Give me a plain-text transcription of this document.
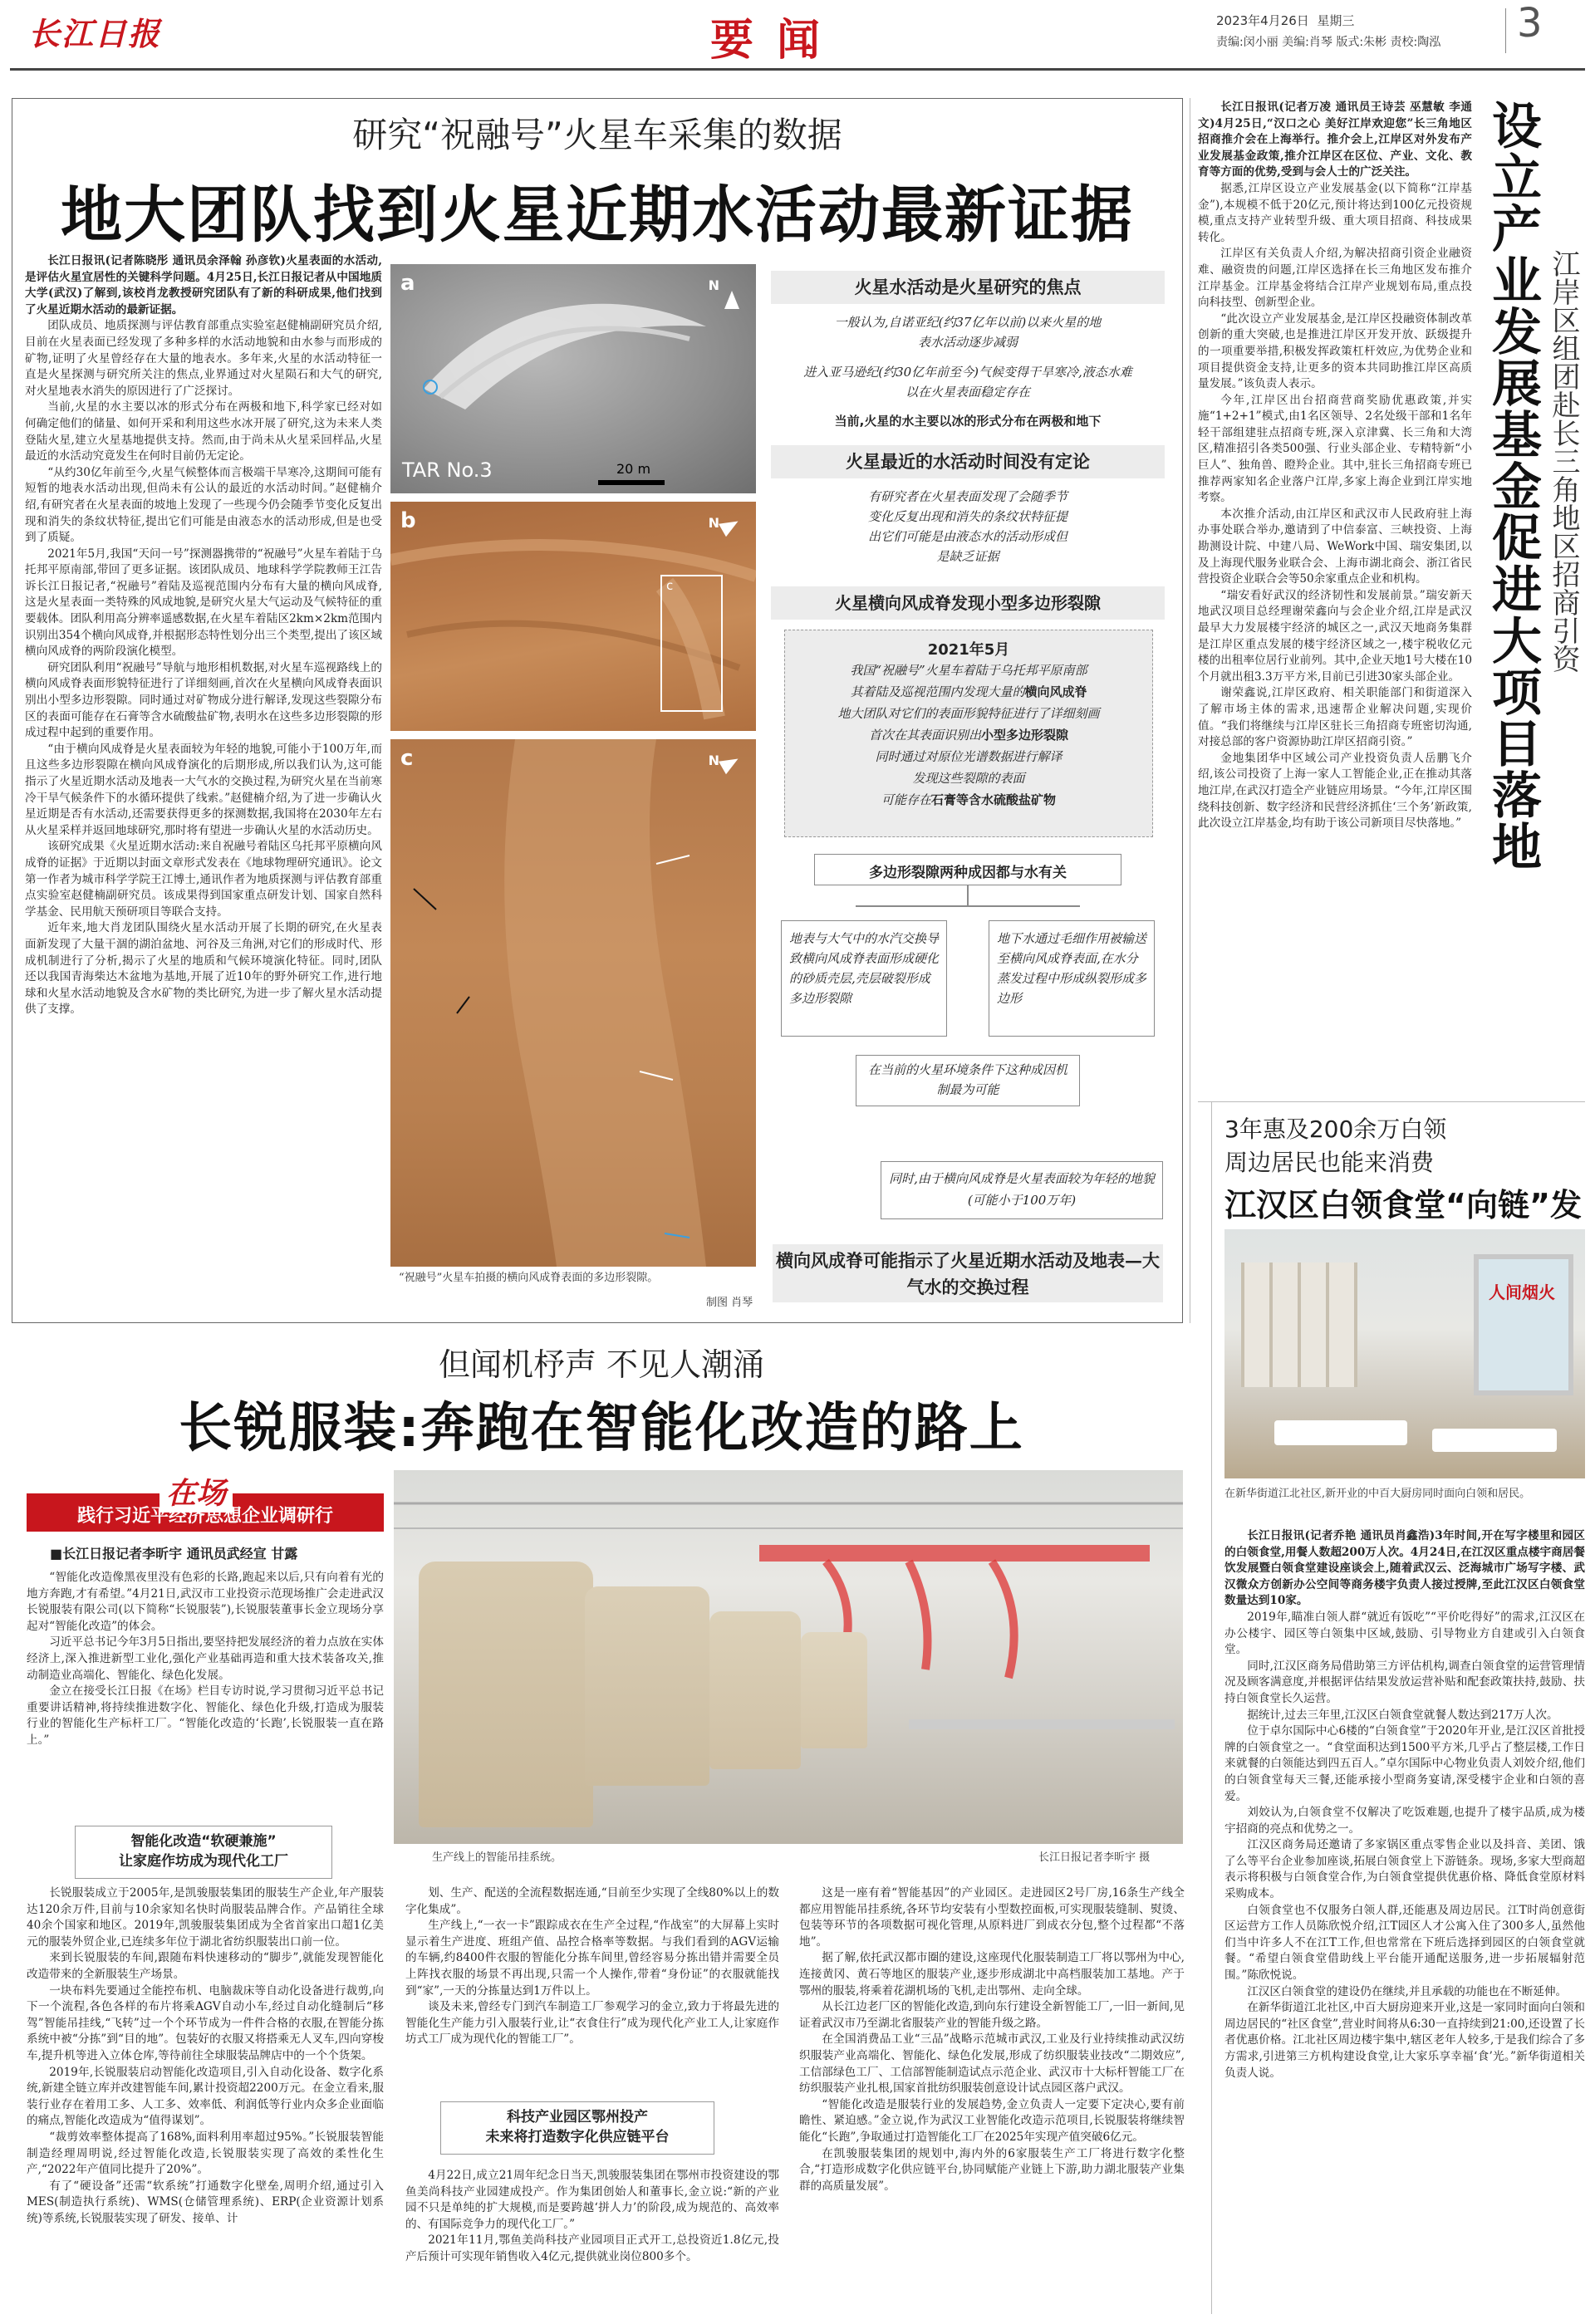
长江日报	要闻	2023年4月26日 星期三
责编:闵小丽 美编:肖琴 版式:朱彬 责校:陶泓 3
研究“祝融号”火星车采集的数据
地大团队找到火星近期水活动最新证据

长江日报讯(记者陈晓彤 通讯员余泽翰 孙彦钦)火星表面的水活动,是评估火星宜居性的关键科学问题。4月25日,长江日报记者从中国地质大学(武汉)了解到,该校肖龙教授研究团队有了新的科研成果,他们找到了火星近期水活动的最新证据。

团队成员、地质探测与评估教育部重点实验室赵健楠副研究员介绍,目前在火星表面已经发现了多种多样的水活动地貌和由水参与而形成的矿物,证明了火星曾经存在大量的地表水。多年来,火星的水活动特征一直是火星探测与研究所关注的焦点,业界通过对火星陨石和大气的研究,对火星地表水消失的原因进行了广泛探讨。

当前,火星的水主要以冰的形式分布在两极和地下,科学家已经对如何确定他们的储量、如何开采和利用这些水冰开展了研究,这为未来人类登陆火星,建立火星基地提供支持。然而,由于尚未从火星采回样品,火星最近的水活动究竟发生在何时目前仍无定论。

“从约30亿年前至今,火星气候整体而言极端干旱寒冷,这期间可能有短暂的地表水活动出现,但尚未有公认的最近的水活动时间。”赵健楠介绍,有研究者在火星表面的坡地上发现了一些现今仍会随季节变化反复出现和消失的条纹状特征,提出它们可能是由液态水的活动形成,但是也受到了质疑。

2021年5月,我国“天问一号”探测器携带的“祝融号”火星车着陆于乌托邦平原南部,带回了更多证据。该团队成员、地球科学学院教师王江告诉长江日报记者,“祝融号”着陆及巡视范围内分布有大量的横向风成脊,这是火星表面一类特殊的风成地貌,是研究火星大气运动及气候特征的重要载体。团队利用高分辨率遥感数据,在火星车着陆区2km×2km范围内识别出354个横向风成脊,并根据形态特性划分出三个类型,提出了该区域横向风成脊的两阶段演化模型。

研究团队利用“祝融号”导航与地形相机数据,对火星车巡视路线上的横向风成脊表面形貌特征进行了详细刻画,首次在火星横向风成脊表面识别出小型多边形裂隙。同时通过对矿物成分进行解译,发现这些裂隙分布区的表面可能存在石膏等含水硫酸盐矿物,表明水在这些多边形裂隙的形成过程中起到的重要作用。

“由于横向风成脊是火星表面较为年轻的地貌,可能小于100万年,而且这些多边形裂隙在横向风成脊演化的后期形成,所以我们认为,这可能指示了火星近期水活动及地表一大气水的交换过程,为研究火星在当前寒冷干旱气候条件下的水循环提供了线索。”赵健楠介绍,为了进一步确认火星近期是否有水活动,还需要获得更多的探测数据,我国将在2030年左右从火星采样并返回地球研究,那时将有望进一步确认火星的水活动历史。

该研究成果《火星近期水活动:来自祝融号着陆区乌托邦平原横向风成脊的证据》于近期以封面文章形式发表在《地球物理研究通讯》。论文第一作者为城市科学学院王江博士,通讯作者为地质探测与评估教育部重点实验室赵健楠副研究员。该成果得到国家重点研发计划、国家自然科学基金、民用航天预研项目等联合支持。

近年来,地大肖龙团队围绕火星水活动开展了长期的研究,在火星表面新发现了大量干涸的湖泊盆地、河谷及三角洲,对它们的形成时代、形成机制进行了分析,揭示了火星的地质和气候环境演化特征。同时,团队还以我国青海柴达木盆地为基地,开展了近10年的野外研究工作,进行地球和火星水活动地貌及含水矿物的类比研究,为进一步了解火星水活动提供了支撑。

a	N
TAR No.3	20 m
b	N
c
c	N
“祝融号”火星车拍摄的横向风成脊表面的多边形裂隙。
制图 肖琴
火星水活动是火星研究的焦点
一般认为,自诺亚纪(约37亿年以前)以来火星的地表水活动逐步减弱
进入亚马逊纪(约30亿年前至今)气候变得干旱寒冷,液态水难以在火星表面稳定存在
当前,火星的水主要以冰的形式分布在两极和地下
火星最近的水活动时间没有定论
有研究者在火星表面发现了会随季节变化反复出现和消失的条纹状特征提出它们可能是由液态水的活动形成但是缺乏证据
火星横向风成脊发现小型多边形裂隙
2021年5月
我国“祝融号”火星车着陆于乌托邦平原南部
其着陆及巡视范围内发现大量的横向风成脊
地大团队对它们的表面形貌特征进行了详细刻画
首次在其表面识别出小型多边形裂隙
同时通过对原位光谱数据进行解译
发现这些裂隙的表面
可能存在石膏等含水硫酸盐矿物
多边形裂隙两种成因都与水有关
地表与大气中的水汽交换导致横向风成脊表面形成硬化的砂质壳层,壳层破裂形成多边形裂隙
地下水通过毛细作用被输送至横向风成脊表面,在水分蒸发过程中形成纵裂形成多边形
在当前的火星环境条件下这种成因机制最为可能
同时,由于横向风成脊是火星表面较为年轻的地貌(可能小于100万年)
横向风成脊可能指示了火星近期水活动及地表—大气水的交换过程

长江日报讯(记者万凌 通讯员王诗芸 巫慧敏 李通文)4月25日,“汉口之心 美好江岸欢迎您”长三角地区招商推介会在上海举行。推介会上,江岸区对外发布产业发展基金政策,推介江岸区在区位、产业、文化、教育等方面的优势,受到与会人士的广泛关注。

据悉,江岸区设立产业发展基金(以下简称“江岸基金”),本规模不低于20亿元,预计将达到100亿元投资规模,重点支持产业转型升级、重大项目招商、科技成果转化。

江岸区有关负责人介绍,为解决招商引资企业融资难、融资贵的问题,江岸区选择在长三角地区发布推介江岸基金。江岸基金将结合江岸产业规划布局,重点投向科技型、创新型企业。

“此次设立产业发展基金,是江岸区投融资体制改革创新的重大突破,也是推进江岸区开发开放、跃级提升的一项重要举措,积极发挥政策杠杆效应,为优势企业和项目提供资金支持,让更多的资本共同助推江岸区高质量发展。”该负责人表示。

今年,江岸区出台招商营商奖励优惠政策,并实施“1+2+1”模式,由1名区领导、2名处级干部和1名年轻干部组建驻点招商专班,深入京津冀、长三角和大湾区,精准招引各类500强、行业头部企业、专精特新“小巨人”、独角兽、瞪羚企业。其中,驻长三角招商专班已推荐两家知名企业落户江岸,多家上海企业到江岸实地考察。

本次推介活动,由江岸区和武汉市人民政府驻上海办事处联合举办,邀请到了中信泰富、三峡投资、上海勘测设计院、中建八局、WeWork中国、瑞安集团,以及上海现代服务业联合会、上海市湖北商会、浙江省民营投资企业联合会等50余家重点企业和机构。

“瑞安看好武汉的经济韧性和发展前景。”瑞安新天地武汉项目总经理谢荣鑫向与会企业介绍,江岸是武汉最早大力发展楼宇经济的城区之一,武汉天地商务集群是江岸区重点发展的楼宇经济区域之一,楼宇税收亿元楼的出租率位居行业前列。其中,企业天地1号大楼在10个月就出租3.3万平方米,目前已引进30家头部企业。

谢荣鑫说,江岸区政府、相关职能部门和街道深入了解市场主体的需求,迅速帮企业解决问题,实现价值。“我们将继续与江岸区驻长三角招商专班密切沟通,对接总部的客户资源协助江岸区招商引资。”

金地集团华中区域公司产业投资负责人岳鹏飞介绍,该公司投资了上海一家人工智能企业,正在推动其落地江岸,在武汉打造全产业链应用场景。“今年,江岸区围绕科技创新、数字经济和民营经济抓住‘三个务’新政策,此次设立江岸基金,均有助于该公司新项目尽快落地。” 设立产业发展基金促进大项目落地 江岸区组团赴长三角地区招商引资
3年惠及200余万白领
周边居民也能来消费
江汉区白领食堂“向链”发
人间烟火
在新华街道江北社区,新开业的中百大厨房同时面向白领和居民。

长江日报讯(记者乔艳 通讯员肖鑫浩)3年时间,开在写字楼里和园区的白领食堂,用餐人数超200万人次。4月24日,在江汉区重点楼宇商居餐饮发展暨白领食堂建设座谈会上,随着武汉云、泛海城市广场写字楼、武汉微众方创新办公空间等商务楼宇负责人接过授牌,至此江汉区白领食堂数量达到10家。

2019年,瞄准白领人群“就近有饭吃”“平价吃得好”的需求,江汉区在办公楼宇、园区等白领集中区域,鼓励、引导物业方自建或引入白领食堂。

同时,江汉区商务局借助第三方评估机构,调查白领食堂的运营管理情况及顾客满意度,并根据评估结果发放运营补贴和配套政策扶持,鼓励、扶持白领食堂长久运营。

据统计,过去三年里,江汉区白领食堂就餐人数达到217万人次。

位于卓尔国际中心6楼的“白领食堂”于2020年开业,是江汉区首批授牌的白领食堂之一。“食堂面积达到1500平方米,几乎占了整层楼,工作日来就餐的白领能达到四五百人。”卓尔国际中心物业负责人刘姣介绍,他们的白领食堂每天三餐,还能承接小型商务宴请,深受楼宇企业和白领的喜爱。

刘姣认为,白领食堂不仅解决了吃饭难题,也提升了楼宇品质,成为楼宇招商的亮点和优势之一。

江汉区商务局还邀请了多家锅区重点零售企业以及抖音、美团、饿了么等平台企业参加座谈,拓展白领食堂上下游链条。现场,多家大型商超表示将积极与白领食堂合作,为白领食堂提供优惠价格、降低食堂原材料采购成本。

白领食堂也不仅服务白领人群,还能惠及周边居民。江T时尚创意街区运营方工作人员陈欣悦介绍,江T园区人才公寓入住了300多人,虽然他们当中许多人不在江T工作,但也常常在下班后选择到园区的白领食堂就餐。“希望白领食堂借助线上平台能开通配送服务,进一步拓展辐射范围。”陈欣悦说。

江汉区白领食堂的建设仍在继续,并且承载的功能也在不断延伸。

在新华街道江北社区,中百大厨房迎来开业,这是一家同时面向白领和周边居民的“社区食堂”,营业时间将从6:30一直持续到21:00,还设置了长者优惠价格。江北社区周边楼宇集中,辖区老年人较多,于是我们综合了多方需求,引进第三方机构建设食堂,让大家乐享幸福‘食’光。”新华街道相关负责人说。

但闻机杼声 不见人潮涌
长锐服装:奔跑在智能化改造的路上
在场
践行习近平经济思想企业调研行
■长江日报记者李昕宇 通讯员武经宣 甘露

“智能化改造像黑夜里没有色彩的长路,跑起来以后,只有向着有光的地方奔跑,才有希望。”4月21日,武汉市工业投资示范现场推广会走进武汉长锐服装有限公司(以下简称“长锐服装”),长锐服装董事长金立现场分享起对“智能化改造”的体会。

习近平总书记今年3月5日指出,要坚持把发展经济的着力点放在实体经济上,深入推进新型工业化,强化产业基础再造和重大技术装备攻关,推动制造业高端化、智能化、绿色化发展。

金立在接受长江日报《在场》栏目专访时说,学习贯彻习近平总书记重要讲话精神,将持续推进数字化、智能化、绿色化升级,打造成为服装行业的智能化生产标杆工厂。“智能化改造的‘长跑’,长锐服装一直在路上。”

智能化改造“软硬兼施”
让家庭作坊成为现代化工厂	生产线上的智能吊挂系统。	长江日报记者李昕宇 摄

长锐服装成立于2005年,是凯骏服装集团的服装生产企业,年产服装达120余万件,目前与10余家知名快时尚服装品牌合作。产品销往全球40余个国家和地区。2019年,凯骏服装集团成为全省首家出口超1亿美元的服装外贸企业,已连续多年位于湖北省纺织服装出口前一位。

来到长锐服装的车间,跟随布料快速移动的“脚步”,就能发现智能化改造带来的全新服装生产场景。

一块布料先要通过全能控布机、电脑裁床等自动化设备进行裁剪,向下一个流程,各色各样的布片将乘AGV自动小车,经过自动化缝制后“移驾”智能吊挂线,“飞转”过一个个环节成为一件件合格的衣服,在智能分拣系统中被“分拣”到“目的地”。包装好的衣服又将搭乘无人叉车,四向穿梭车,提升机等进入立体仓库,等待前往全球服装品牌店中的一个个货架。

2019年,长锐服装启动智能化改造项目,引入自动化设备、数字化系统,新建全链立库并改建智能车间,累计投资超2200万元。在金立看来,服装行业存在着用工多、人工多、效率低、利润低等行业内众多企业面临的痛点,智能化改造成为“值得谋划”。

“裁剪效率整体提高了168%,面料利用率超过95%。”长锐服装智能制造经理周明说,经过智能化改造,长锐服装实现了高效的柔性化生产,“2022年产值同比提升了20%”。

有了“硬设备”还需“软系统”打通数字化壁垒,周明介绍,通过引入MES(制造执行系统)、WMS(仓储管理系统)、ERP(企业资源计划系统)等系统,长锐服装实现了研发、接单、计

划、生产、配送的全流程数据连通,“目前至少实现了全线80%以上的数字化集成”。

生产线上,“一衣一卡”跟踪成衣在生产全过程,“作战室”的大屏幕上实时显示着生产进度、班组产值、品控合格率等数据。与我们看到的AGV运输的车辆,约8400件衣服的智能化分拣车间里,曾经容易分拣出错并需要全员上阵找衣服的场景不再出现,只需一个人操作,带着“身份证”的衣服就能找到“家”,一天的分拣量达到1万件以上。

谈及未来,曾经专门到汽车制造工厂参观学习的金立,致力于将最先进的智能化生产能力引入服装行业,让“衣食住行”成为现代化产业工人,让家庭作坊式工厂成为现代化的智能工厂”。

科技产业园区鄂州投产
未来将打造数字化供应链平台

4月22日,成立21周年纪念日当天,凯骏服装集团在鄂州市投资建设的鄂鱼美尚科技产业园建成投产。作为集团创始人和董事长,金立说:“新的产业园不只是单纯的扩大规模,而是要跨越‘拼人力’的阶段,成为规范的、高效率的、有国际竞争力的现代化工厂。”

2021年11月,鄂鱼美尚科技产业园项目正式开工,总投资近1.8亿元,投产后预计可实现年销售收入4亿元,提供就业岗位800多个。

这是一座有着“智能基因”的产业园区。走进园区2号厂房,16条生产线全都应用智能吊挂系统,各环节均安装有小型数控面板,可实现服装缝制、熨烫、包装等环节的各项数据可视化管理,从原料进厂到成衣分包,整个过程都“不落地”。

据了解,依托武汉都市圈的建设,这座现代化服装制造工厂将以鄂州为中心,连接黄冈、黄石等地区的服装产业,逐步形成湖北中高档服装加工基地。产于鄂州的服装,将乘着花湖机场的飞机,走出鄂州、走向全球。

从长江边老厂区的智能化改造,到向东行建设全新智能工厂,一旧一新间,见证着武汉市乃至湖北省服装产业的智能升级之路。

在全国消费品工业“三品”战略示范城市武汉,工业及行业持续推动武汉纺织服装产业高端化、智能化、绿色化发展,形成了纺织服装业技改“二期效应”,工信部绿色工厂、工信部智能制造试点示范企业、武汉市十大标杆智能工厂在纺织服装产业扎根,国家首批纺织服装创意设计试点园区落户武汉。

“智能化改造是服装行业的发展趋势,金立负责人一定要下定决心,要有前瞻性、紧迫感。”金立说,作为武汉工业智能化改造示范项目,长锐服装将继续智能化“长跑”,争取通过打造智能化工厂在2025年实现产值突破6亿元。

在凯骏服装集团的规划中,海内外的6家服装生产工厂将进行数字化整合,“打造形成数字化供应链平台,协同赋能产业链上下游,助力湖北服装产业集群的高质量发展”。
